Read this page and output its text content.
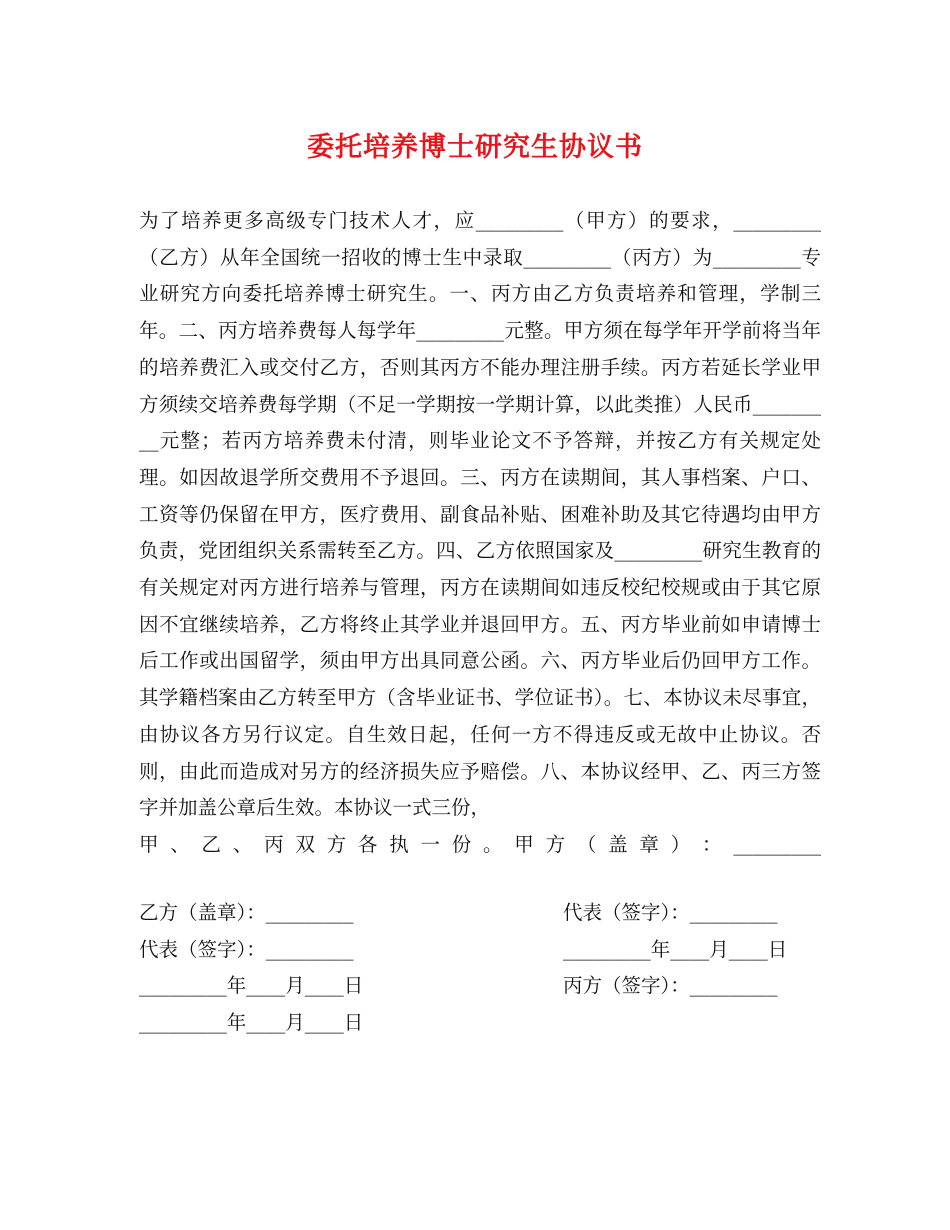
委托培养博士研究生协议书
为了培养更多高级专门技术人才，应_________（甲方）的要求，_________（乙方）从年全国统一招收的博士生中录取_________（丙方）为_________专业研究方向委托培养博士研究生。一、丙方由乙方负责培养和管理，学制三年。二、丙方培养费每人每学年_________元整。甲方须在每学年开学前将当年的培养费汇入或交付乙方，否则其丙方不能办理注册手续。丙方若延长学业甲方须续交培养费每学期（不足一学期按一学期计算，以此类推）人民币_________元整；若丙方培养费未付清，则毕业论文不予答辩，并按乙方有关规定处理。如因故退学所交费用不予退回。三、丙方在读期间，其人事档案、户口、工资等仍保留在甲方，医疗费用、副食品补贴、困难补助及其它待遇均由甲方负责，党团组织关系需转至乙方。四、乙方依照国家及_________研究生教育的有关规定对丙方进行培养与管理，丙方在读期间如违反校纪校规或由于其它原因不宜继续培养，乙方将终止其学业并退回甲方。五、丙方毕业前如申请博士后工作或出国留学，须由甲方出具同意公函。六、丙方毕业后仍回甲方工作。其学籍档案由乙方转至甲方（含毕业证书、学位证书）。七、本协议未尽事宜，由协议各方另行议定。自生效日起，任何一方不得违反或无故中止协议。否则，由此而造成对另方的经济损失应予赔偿。八、本协议经甲、乙、丙三方签字并加盖公章后生效。本协议一式三份，
甲 、 乙 、 丙 双 方 各 执 一 份 。 甲 方 （ 盖 章 ） ： _________
乙方（盖章）：_________	代表（签字）：_________
代表（签字）：_________	_________年____月____日
_________年____月____日	丙方（签字）：_________
_________年____月____日
